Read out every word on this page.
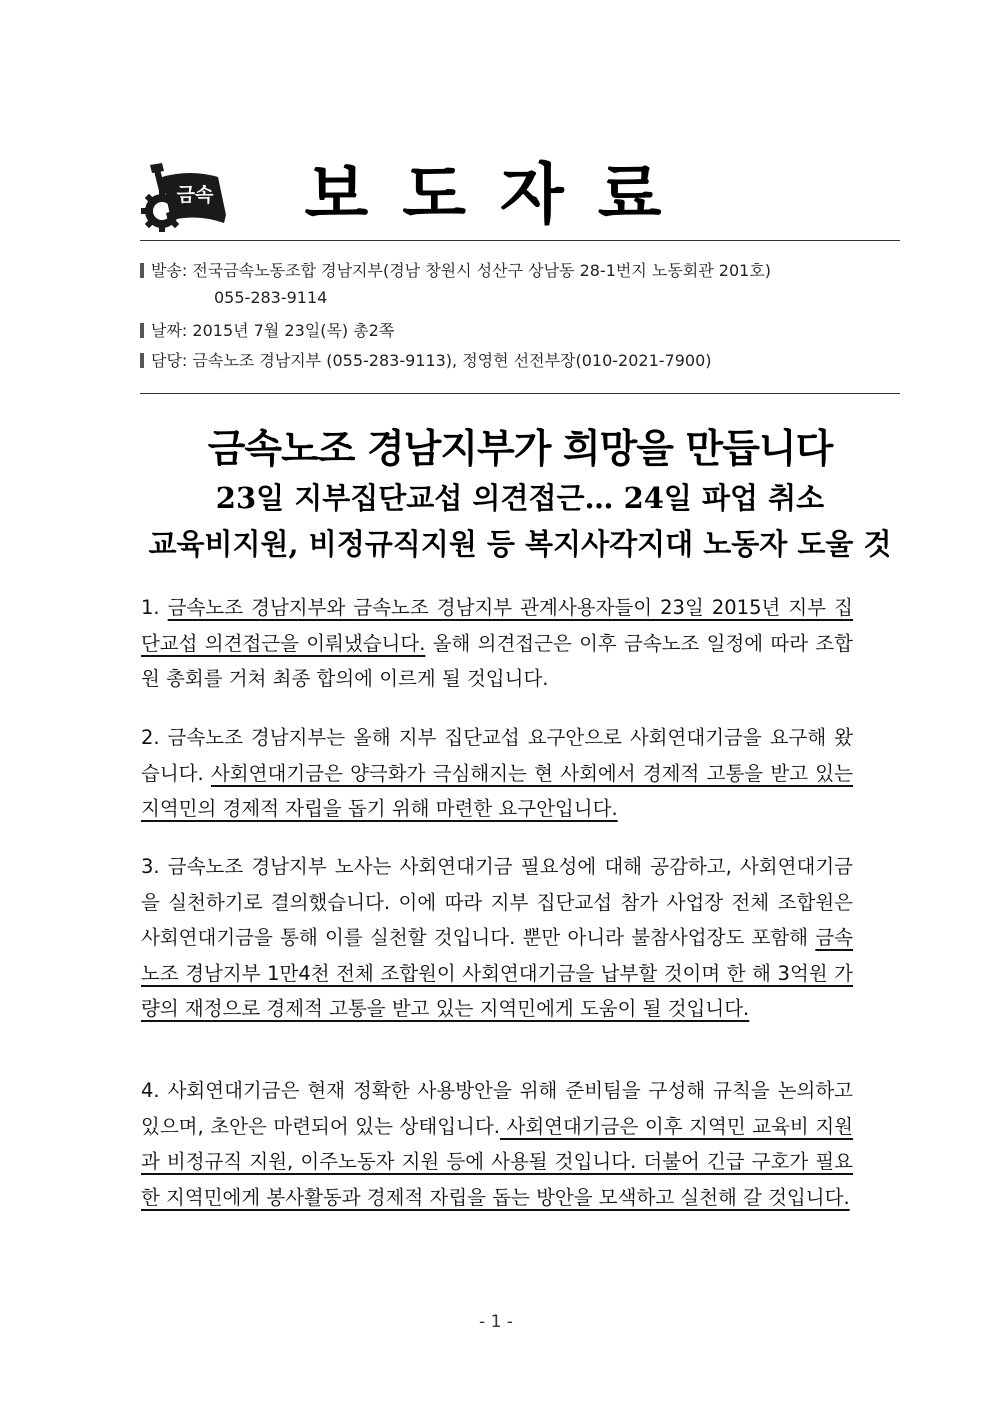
금속	보도자료
발송: 전국금속노동조합 경남지부(경남 창원시 성산구 상남동 28-1번지 노동회관 201호)
055-283-9114
날짜: 2015년 7월 23일(목) 총2쪽
담당: 금속노조 경남지부 (055-283-9113), 정영현 선전부장(010-2021-7900)
금속노조 경남지부가 희망을 만듭니다
23일 지부집단교섭 의견접근… 24일 파업 취소
교육비지원, 비정규직지원 등 복지사각지대 노동자 도울 것
1. 금속노조 경남지부와 금속노조 경남지부 관계사용자들이 23일 2015년 지부 집단교섭 의견접근을 이뤄냈습니다. 올해 의견접근은 이후 금속노조 일정에 따라 조합원 총회를 거쳐 최종 합의에 이르게 될 것입니다.
2. 금속노조 경남지부는 올해 지부 집단교섭 요구안으로 사회연대기금을 요구해 왔습니다. 사회연대기금은 양극화가 극심해지는 현 사회에서 경제적 고통을 받고 있는 지역민의 경제적 자립을 돕기 위해 마련한 요구안입니다.
3. 금속노조 경남지부 노사는 사회연대기금 필요성에 대해 공감하고, 사회연대기금을 실천하기로 결의했습니다. 이에 따라 지부 집단교섭 참가 사업장 전체 조합원은 사회연대기금을 통해 이를 실천할 것입니다. 뿐만 아니라 불참사업장도 포함해 금속노조 경남지부 1만4천 전체 조합원이 사회연대기금을 납부할 것이며 한 해 3억원 가량의 재정으로 경제적 고통을 받고 있는 지역민에게 도움이 될 것입니다.
4. 사회연대기금은 현재 정확한 사용방안을 위해 준비팀을 구성해 규칙을 논의하고 있으며, 초안은 마련되어 있는 상태입니다. 사회연대기금은 이후 지역민 교육비 지원과 비정규직 지원, 이주노동자 지원 등에 사용될 것입니다. 더불어 긴급 구호가 필요한 지역민에게 봉사활동과 경제적 자립을 돕는 방안을 모색하고 실천해 갈 것입니다.
- 1 -
